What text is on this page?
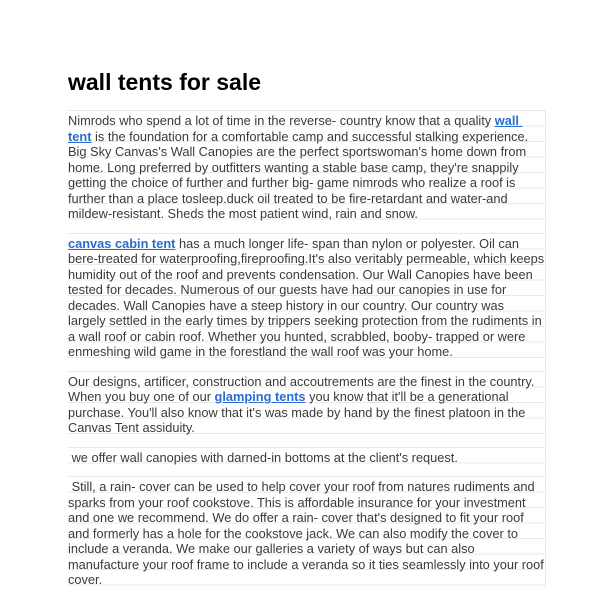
wall tents for sale

Nimrods who spend a lot of time in the reverse- country know that a quality wall tent is the foundation for a comfortable camp and successful stalking experience. Big Sky Canvas's Wall Canopies are the perfect sportswoman's home down from home. Long preferred by outfitters wanting a stable base camp, they're snappily getting the choice of further and further big- game nimrods who realize a roof is further than a place tosleep.duck oil treated to be fire-retardant and water-and mildew-resistant. Sheds the most patient wind, rain and snow.

canvas cabin tent has a much longer life- span than nylon or polyester. Oil can bere-treated for waterproofing,fireproofing.It's also veritably permeable, which keeps humidity out of the roof and prevents condensation. Our Wall Canopies have been tested for decades. Numerous of our guests have had our canopies in use for decades. Wall Canopies have a steep history in our country. Our country was largely settled in the early times by trippers seeking protection from the rudiments in a wall roof or cabin roof. Whether you hunted, scrabbled, booby- trapped or were enmeshing wild game in the forestland the wall roof was your home.

Our designs, artificer, construction and accoutrements are the finest in the country. When you buy one of our glamping tents you know that it'll be a generational purchase. You'll also know that it's was made by hand by the finest platoon in the Canvas Tent assiduity.

we offer wall canopies with darned-in bottoms at the client's request.

Still, a rain- cover can be used to help cover your roof from natures rudiments and sparks from your roof cookstove. This is affordable insurance for your investment and one we recommend. We do offer a rain- cover that's designed to fit your roof and formerly has a hole for the cookstove jack. We can also modify the cover to include a veranda. We make our galleries a variety of ways but can also manufacture your roof frame to include a veranda so it ties seamlessly into your roof cover.
